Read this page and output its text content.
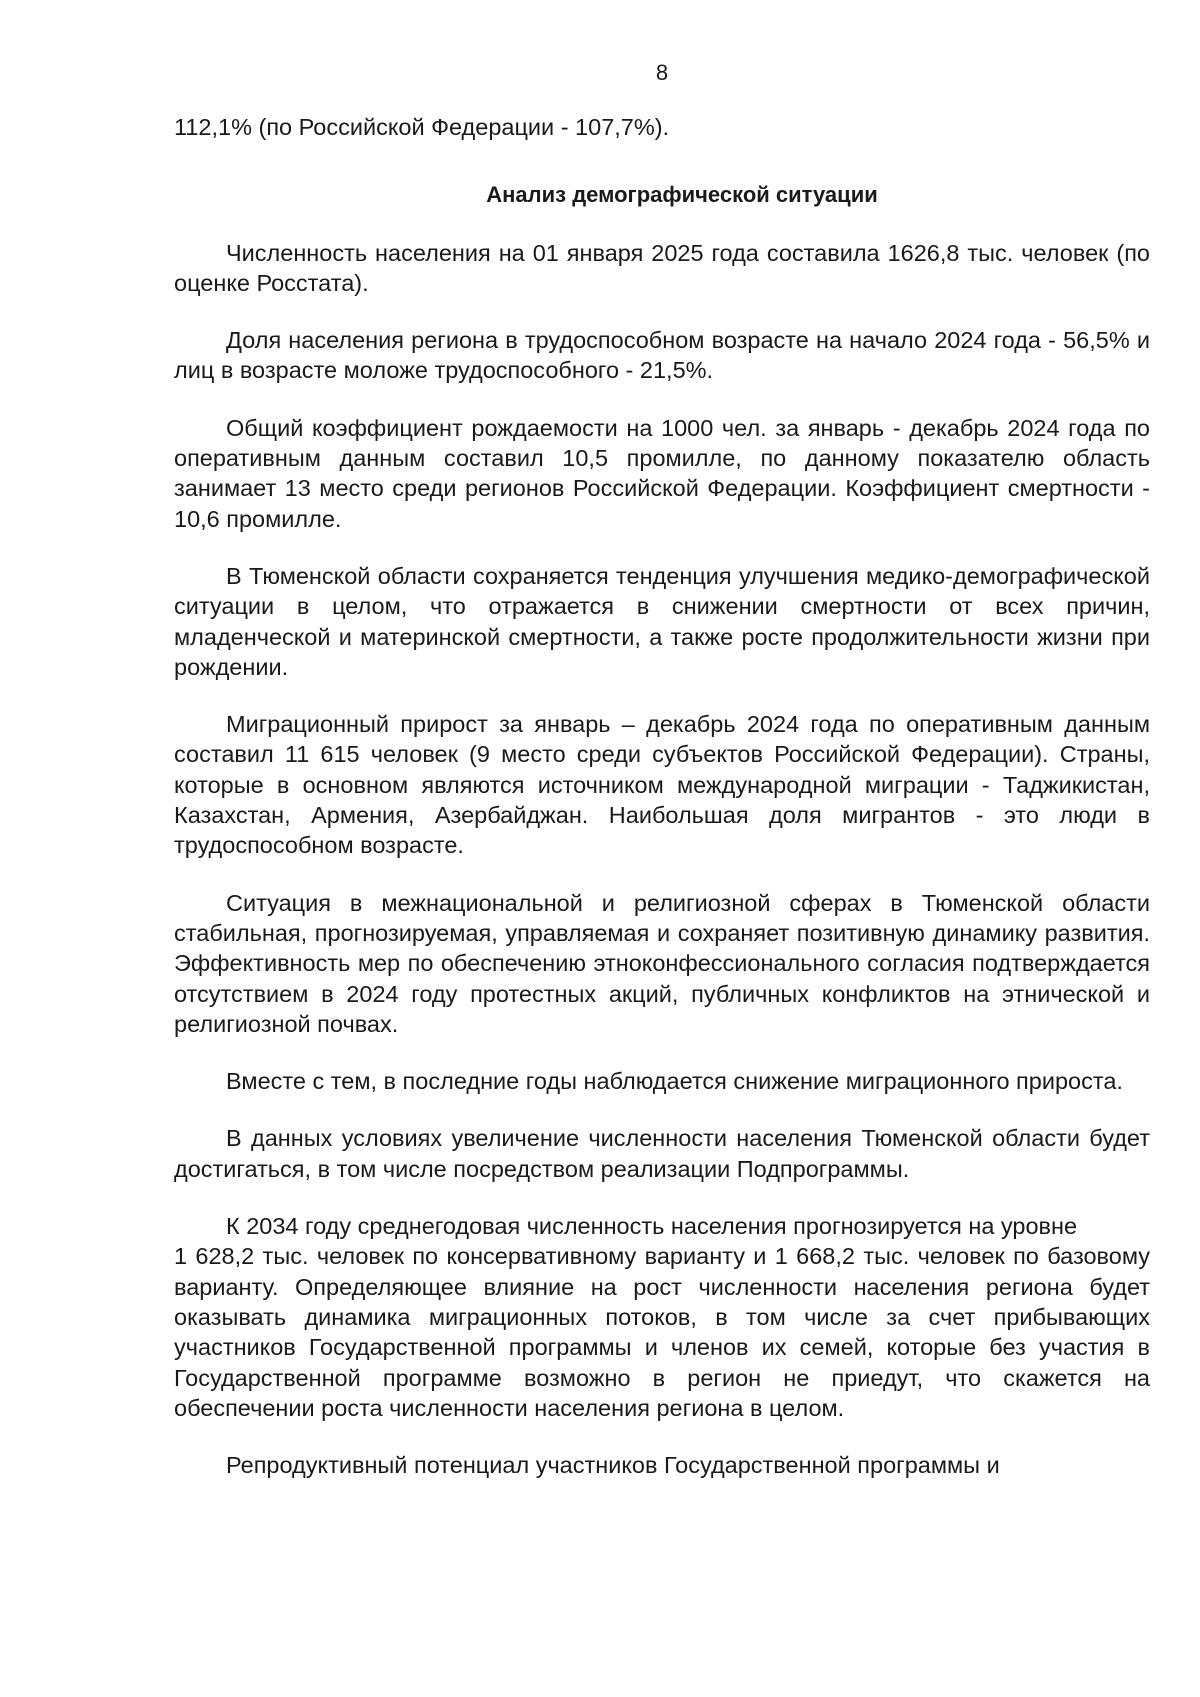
8

112,1% (по Российской Федерации - 107,7%).

Анализ демографической ситуации

Численность населения на 01 января 2025 года составила 1626,8 тыс. человек (по оценке Росстата).

Доля населения региона в трудоспособном возрасте на начало 2024 года - 56,5% и лиц в возрасте моложе трудоспособного - 21,5%.

Общий коэффициент рождаемости на 1000 чел. за январь - декабрь 2024 года по оперативным данным составил 10,5 промилле, по данному показателю область занимает 13 место среди регионов Российской Федерации. Коэффициент смертности - 10,6 промилле.

В Тюменской области сохраняется тенденция улучшения медико-демографической ситуации в целом, что отражается в снижении смертности от всех причин, младенческой и материнской смертности, а также росте продолжительности жизни при рождении.

Миграционный прирост за январь – декабрь 2024 года по оперативным данным составил 11 615 человек (9 место среди субъектов Российской Федерации). Страны, которые в основном являются источником международной миграции - Таджикистан, Казахстан, Армения, Азербайджан. Наибольшая доля мигрантов - это люди в трудоспособном возрасте.

Ситуация в межнациональной и религиозной сферах в Тюменской области стабильная, прогнозируемая, управляемая и сохраняет позитивную динамику развития. Эффективность мер по обеспечению этноконфессионального согласия подтверждается отсутствием в 2024 году протестных акций, публичных конфликтов на этнической и религиозной почвах.

Вместе с тем, в последние годы наблюдается снижение миграционного прироста.

В данных условиях увеличение численности населения Тюменской области будет достигаться, в том числе посредством реализации Подпрограммы.

К 2034 году среднегодовая численность населения прогнозируется на уровне

1 628,2 тыс. человек по консервативному варианту и 1 668,2 тыс. человек по базовому варианту. Определяющее влияние на рост численности населения региона будет оказывать динамика миграционных потоков, в том числе за счет прибывающих участников Государственной программы и членов их семей, которые без участия в Государственной программе возможно в регион не приедут, что скажется на обеспечении роста численности населения региона в целом.

Репродуктивный потенциал участников Государственной программы и
